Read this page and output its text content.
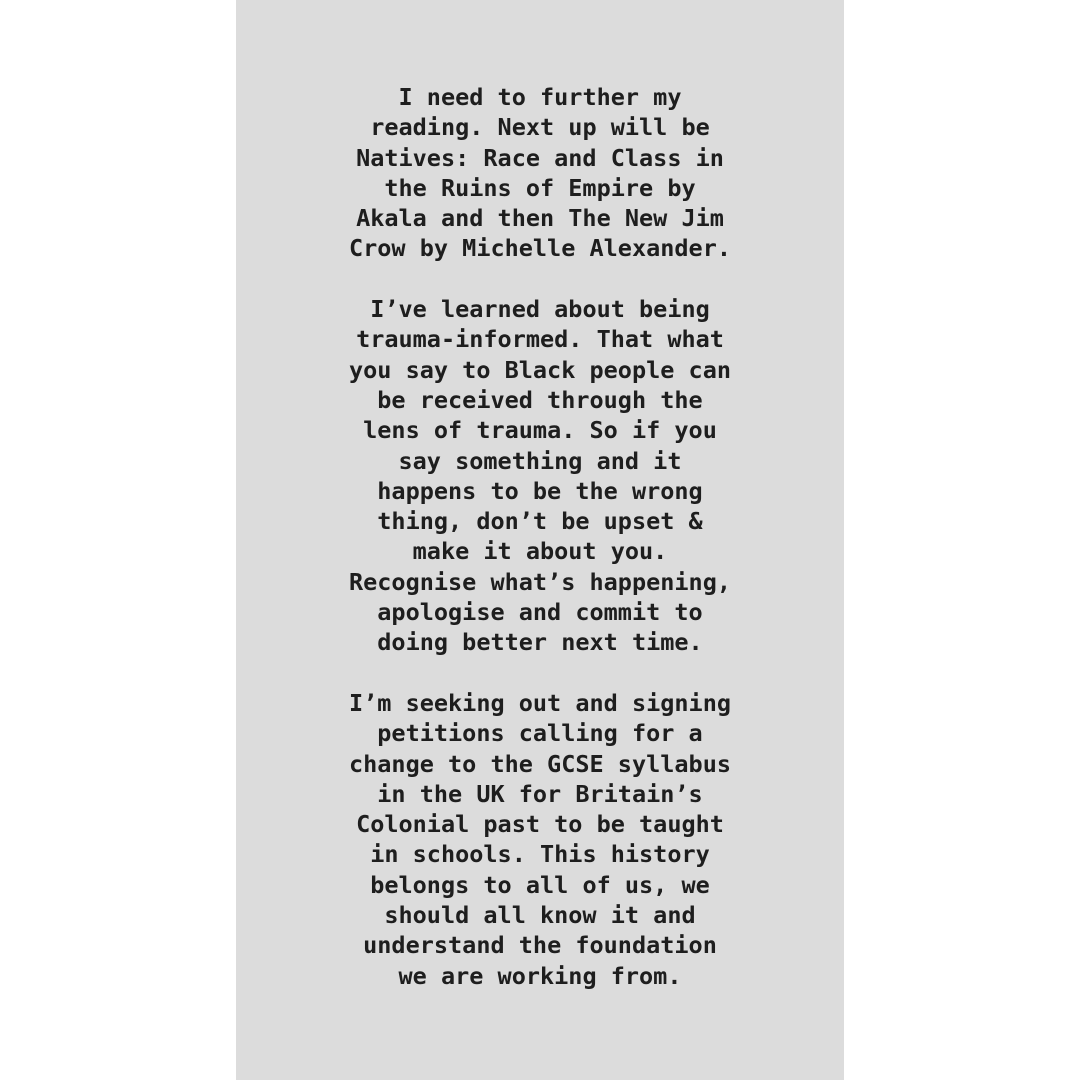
I need to further my
reading. Next up will be
Natives: Race and Class in
the Ruins of Empire by
Akala and then The New Jim
Crow by Michelle Alexander.
I’ve learned about being
trauma-informed. That what
you say to Black people can
be received through the
lens of trauma. So if you
say something and it
happens to be the wrong
thing, don’t be upset &
make it about you.
Recognise what’s happening,
apologise and commit to
doing better next time.
I’m seeking out and signing
petitions calling for a
change to the GCSE syllabus
in the UK for Britain’s
Colonial past to be taught
in schools. This history
belongs to all of us, we
should all know it and
understand the foundation
we are working from.
